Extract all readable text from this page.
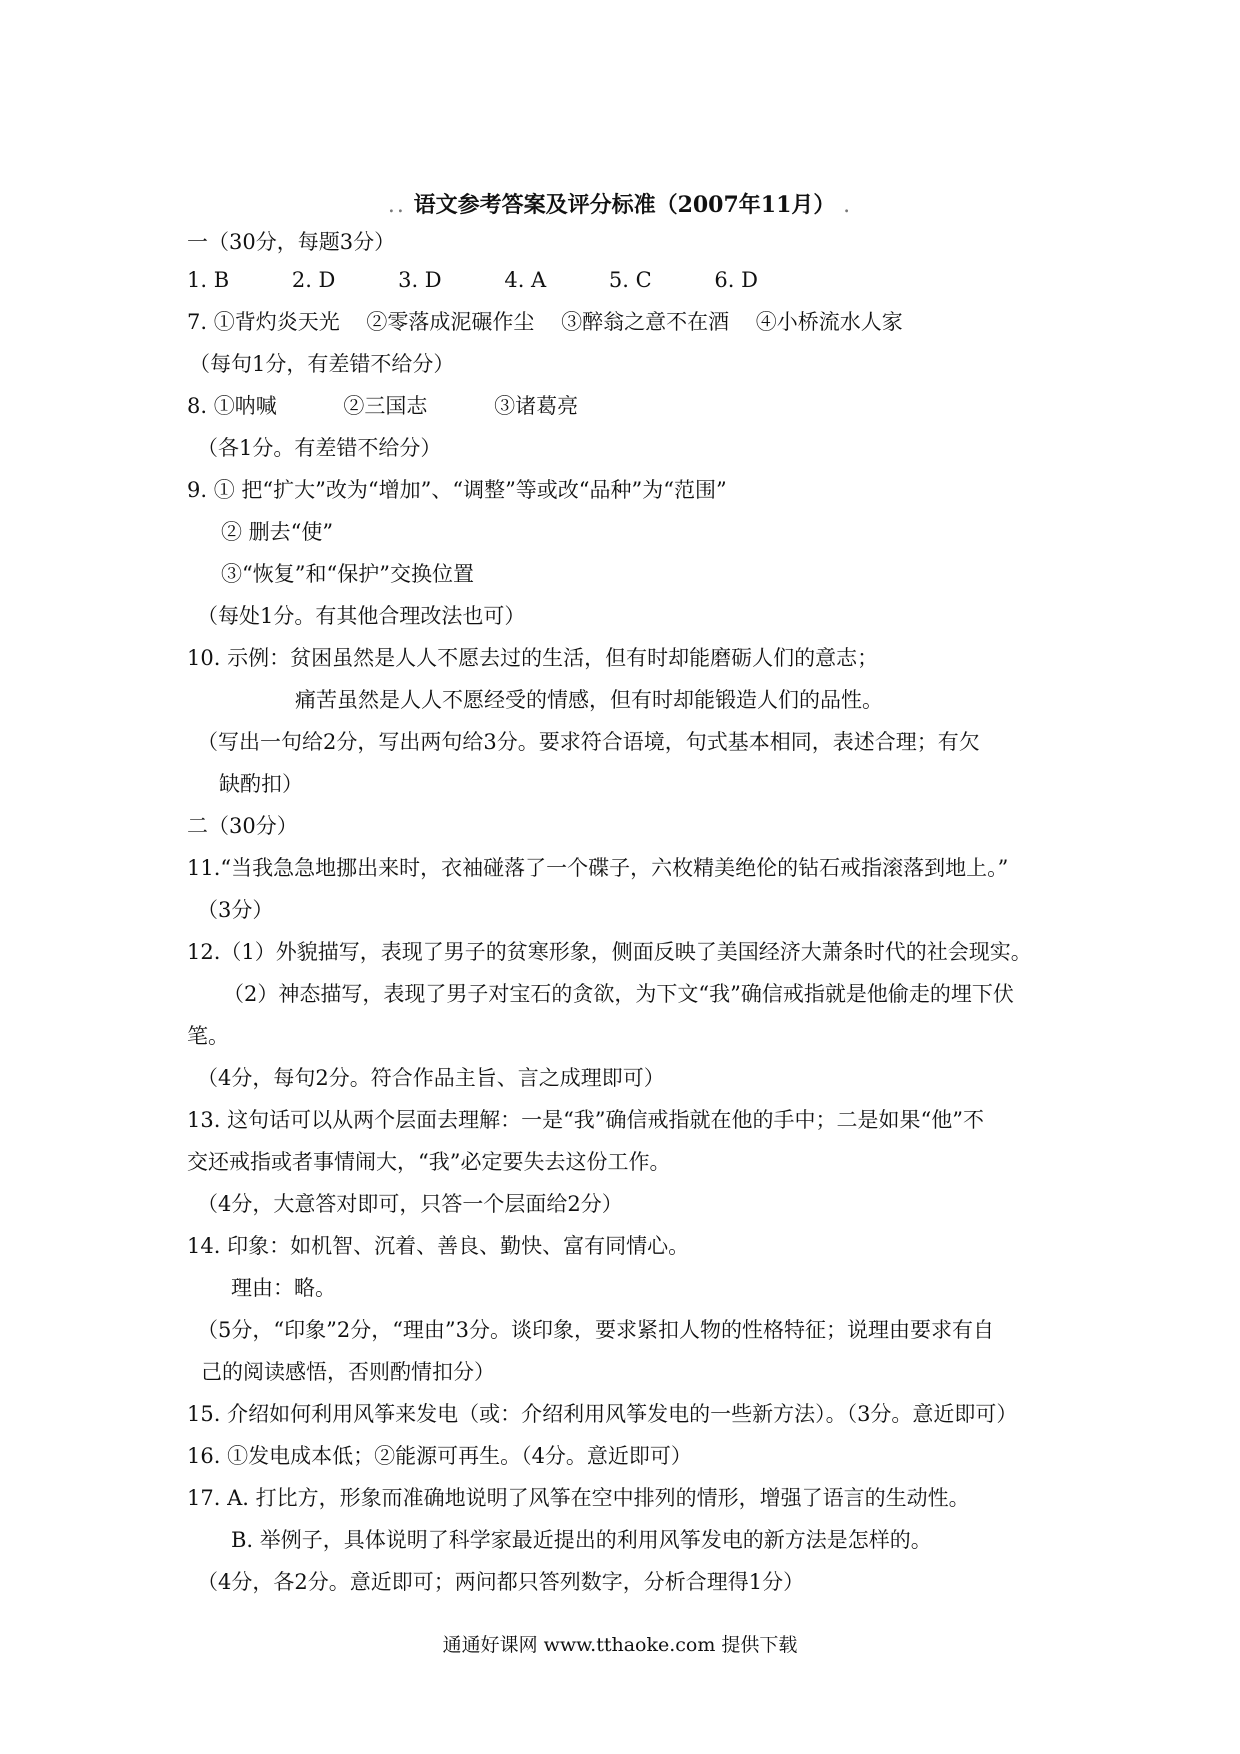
.. 语文参考答案及评分标准（2007年11月） .
一（30分，每题3分）
1. B	2. D	3. D	4. A	5. C	6. D
7. ①背灼炎天光 ②零落成泥碾作尘 ③醉翁之意不在酒 ④小桥流水人家
（每句1分，有差错不给分）
8. ①呐喊	②三国志	③诸葛亮
（各1分。有差错不给分）
9. ① 把“扩大”改为“增加”、“调整”等或改“品种”为“范围”
② 删去“使”
③“恢复”和“保护”交换位置
（每处1分。有其他合理改法也可）
10. 示例：贫困虽然是人人不愿去过的生活，但有时却能磨砺人们的意志；
痛苦虽然是人人不愿经受的情感，但有时却能锻造人们的品性。
（写出一句给2分，写出两句给3分。要求符合语境，句式基本相同，表述合理；有欠
缺酌扣）
二（30分）
11.“当我急急地挪出来时，衣袖碰落了一个碟子，六枚精美绝伦的钻石戒指滚落到地上。”
（3分）
12.（1）外貌描写，表现了男子的贫寒形象，侧面反映了美国经济大萧条时代的社会现实。
（2）神态描写，表现了男子对宝石的贪欲，为下文“我”确信戒指就是他偷走的埋下伏
笔。
（4分，每句2分。符合作品主旨、言之成理即可）
13. 这句话可以从两个层面去理解：一是“我”确信戒指就在他的手中；二是如果“他”不
交还戒指或者事情闹大，“我”必定要失去这份工作。
（4分，大意答对即可，只答一个层面给2分）
14. 印象：如机智、沉着、善良、勤快、富有同情心。
理由：略。
（5分，“印象”2分，“理由”3分。谈印象，要求紧扣人物的性格特征；说理由要求有自
己的阅读感悟，否则酌情扣分）
15. 介绍如何利用风筝来发电（或：介绍利用风筝发电的一些新方法）。（3分。意近即可）
16. ①发电成本低；②能源可再生。（4分。意近即可）
17. A. 打比方，形象而准确地说明了风筝在空中排列的情形，增强了语言的生动性。
B. 举例子，具体说明了科学家最近提出的利用风筝发电的新方法是怎样的。
（4分，各2分。意近即可；两问都只答列数字，分析合理得1分）
通通好课网 www.tthaoke.com 提供下载
